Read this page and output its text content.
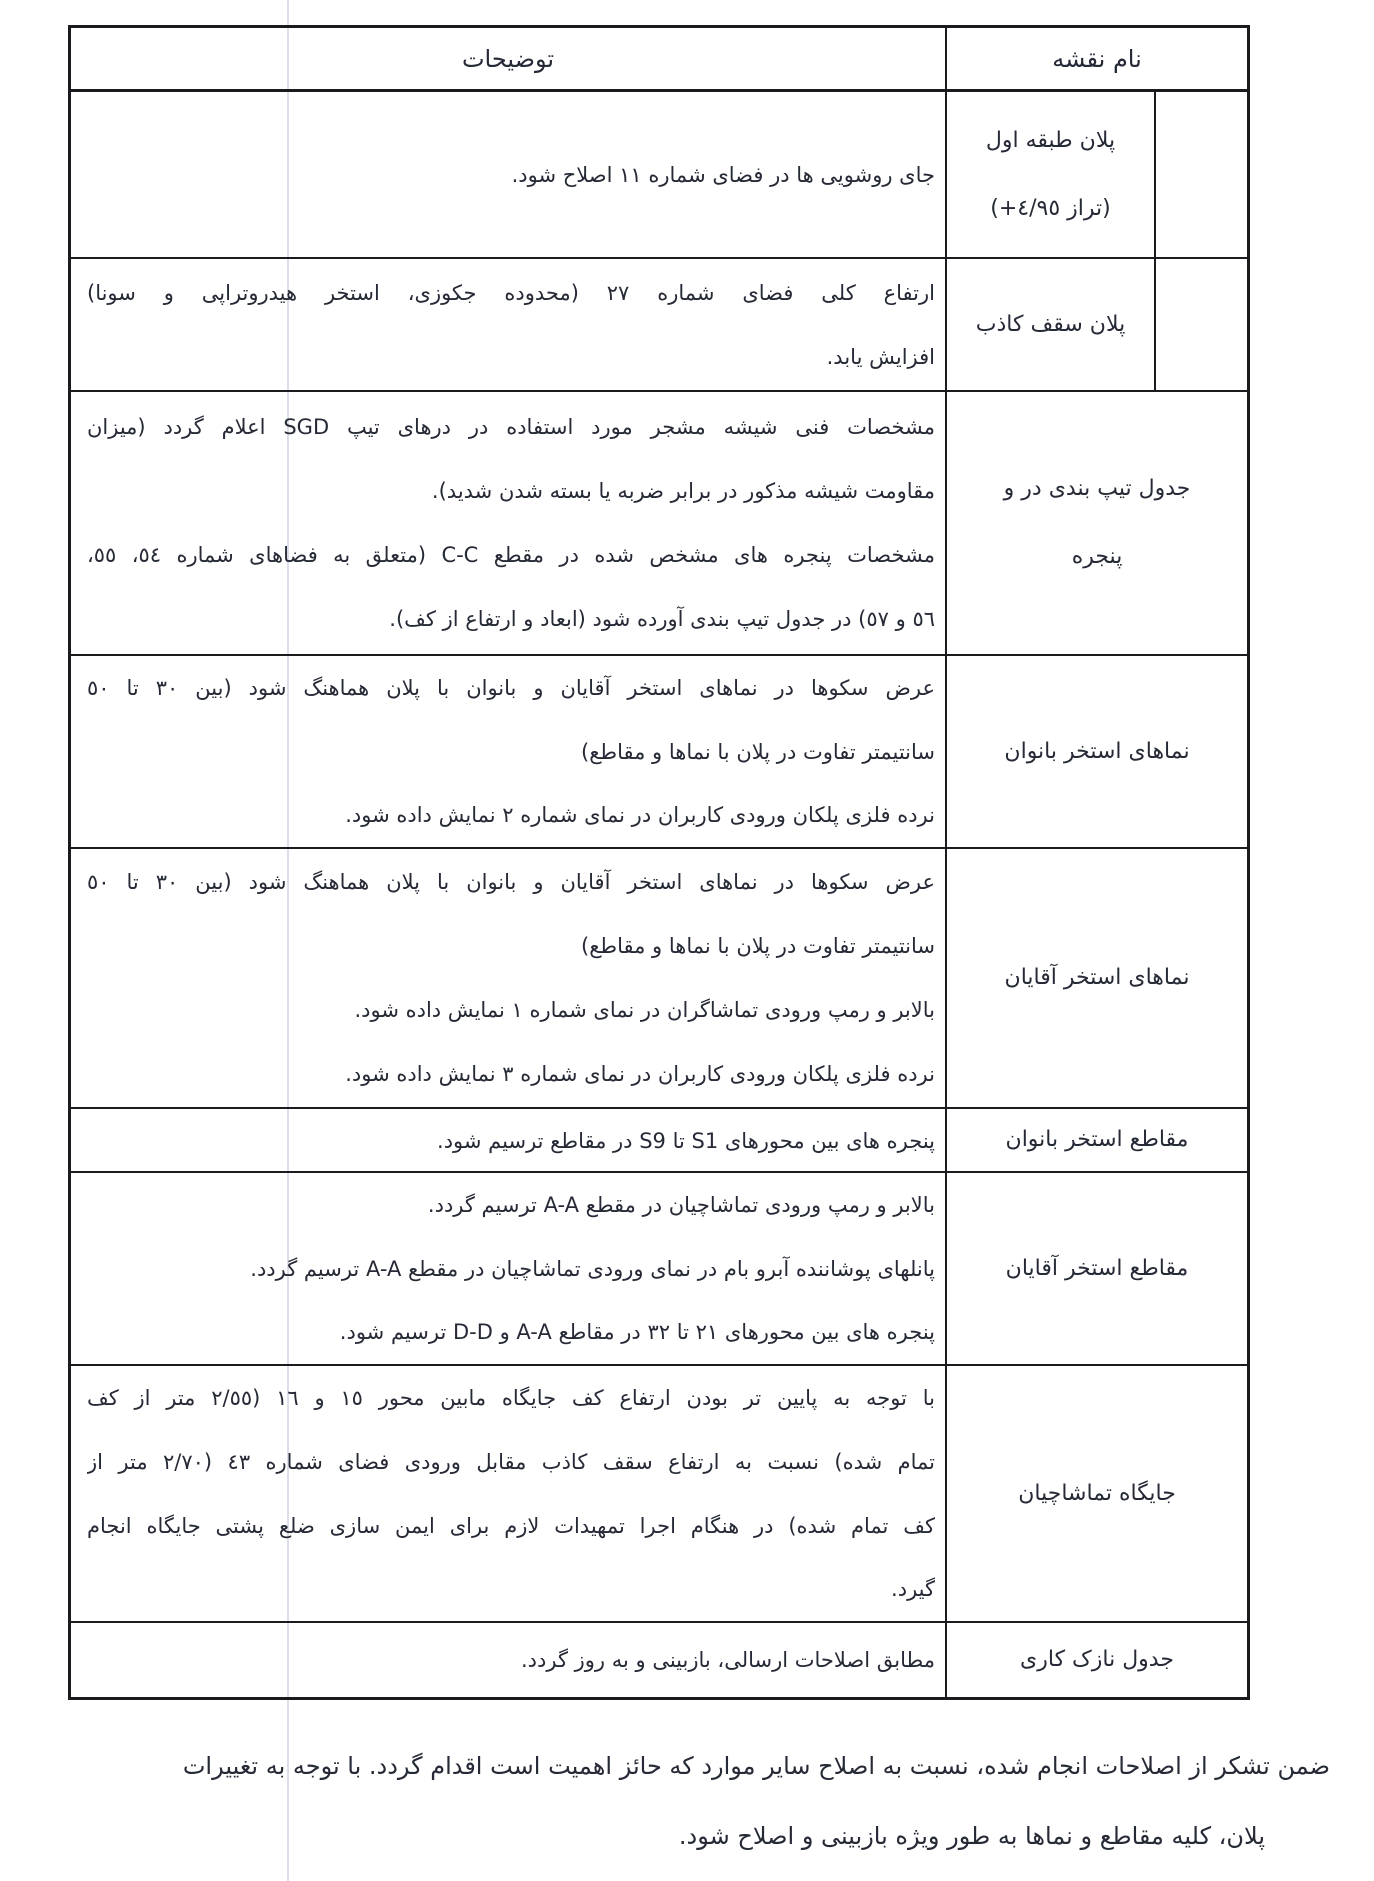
نام نقشه
توضیحات
پلان طبقه اول
(تراز ٤/٩٥+)
جای روشویی ها در فضای شماره ١١ اصلاح شود.
پلان سقف کاذب
ارتفاع کلی فضای شماره ٢٧ (محدوده جکوزی، استخر هیدروتراپی و سونا)
افزایش یابد.
جدول تیپ بندی در و
پنجره
مشخصات فنی شیشه مشجر مورد استفاده در درهای تیپ SGD اعلام گردد (میزان
مقاومت شیشه مذکور در برابر ضربه یا بسته شدن شدید).
مشخصات پنجره های مشخص شده در مقطع C-C (متعلق به فضاهای شماره ٥٤، ٥٥،
٥٦ و ٥٧) در جدول تیپ بندی آورده شود (ابعاد و ارتفاع از کف).
نماهای استخر بانوان
عرض سکوها در نماهای استخر آقایان و بانوان با پلان هماهنگ شود (بین ٣٠ تا ٥٠
سانتیمتر تفاوت در پلان با نماها و مقاطع)
نرده فلزی پلکان ورودی کاربران در نمای شماره ٢ نمایش داده شود.
نماهای استخر آقایان
عرض سکوها در نماهای استخر آقایان و بانوان با پلان هماهنگ شود (بین ٣٠ تا ٥٠
سانتیمتر تفاوت در پلان با نماها و مقاطع)
بالابر و رمپ ورودی تماشاگران در نمای شماره ١ نمایش داده شود.
نرده فلزی پلکان ورودی کاربران در نمای شماره ٣ نمایش داده شود.
مقاطع استخر بانوان
پنجره های بین محورهای S1 تا S9 در مقاطع ترسیم شود.
مقاطع استخر آقایان
بالابر و رمپ ورودی تماشاچیان در مقطع A-A ترسیم گردد.
پانلهای پوشاننده آبرو بام در نمای ورودی تماشاچیان در مقطع A-A ترسیم گردد.
پنجره های بین محورهای ٢١ تا ٣٢ در مقاطع A-A و D-D ترسیم شود.
جایگاه تماشاچیان
با توجه به پایین تر بودن ارتفاع کف جایگاه مابین محور ١٥ و ١٦ (٢/٥٥ متر از کف
تمام شده) نسبت به ارتفاع سقف کاذب مقابل ورودی فضای شماره ٤٣ (٢/٧٠ متر از
کف تمام شده) در هنگام اجرا تمهیدات لازم برای ایمن سازی ضلع پشتی جایگاه انجام
گیرد.
جدول نازک کاری
مطابق اصلاحات ارسالی، بازبینی و به روز گردد.
ضمن تشکر از اصلاحات انجام شده، نسبت به اصلاح سایر موارد که حائز اهمیت است اقدام گردد. با توجه به تغییرات
پلان، کلیه مقاطع و نماها به طور ویژه بازبینی و اصلاح شود.
